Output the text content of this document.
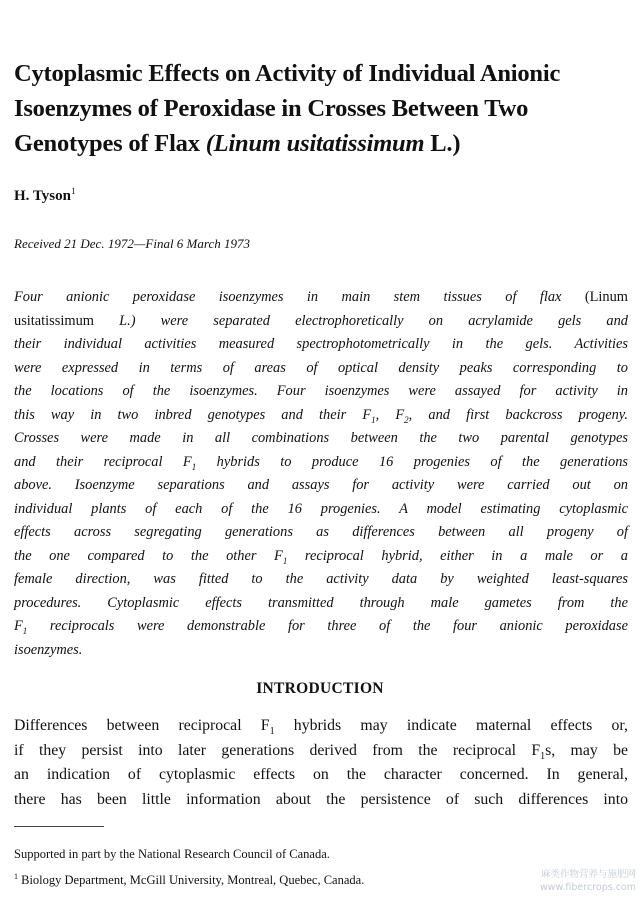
Cytoplasmic Effects on Activity of Individual Anionic
Isoenzymes of Peroxidase in Crosses Between Two
Genotypes of Flax (Linum usitatissimum L.)
H. Tyson$^1$
Received 21 Dec. 1972—Final 6 March 1973

Four anionic peroxidase isoenzymes in main stem tissues of flax (Linum
usitatissimum L.) were separated electrophoretically on acrylamide gels and
their individual activities measured spectrophotometrically in the gels. Activities
were expressed in terms of areas of optical density peaks corresponding to
the locations of the isoenzymes. Four isoenzymes were assayed for activity in
this way in two inbred genotypes and their $F_1$, $F_2$, and first backcross progeny.
Crosses were made in all combinations between the two parental genotypes
and their reciprocal $F_1$ hybrids to produce 16 progenies of the generations
above. Isoenzyme separations and assays for activity were carried out on
individual plants of each of the 16 progenies. A model estimating cytoplasmic
effects across segregating generations as differences between all progeny of
the one compared to the other $F_1$ reciprocal hybrid, either in a male or a
female direction, was fitted to the activity data by weighted least-squares
procedures. Cytoplasmic effects transmitted through male gametes from the
$F_1$ reciprocals were demonstrable for three of the four anionic peroxidase
isoenzymes.

INTRODUCTION

Differences between reciprocal $F_1$ hybrids may indicate maternal effects or,
if they persist into later generations derived from the reciprocal $F_1s$, may be
an indication of cytoplasmic effects on the character concerned. In general,
there has been little information about the persistence of such differences into

Supported in part by the National Research Council of Canada.
$^1$ Biology Department, McGill University, Montreal, Quebec, Canada.	麻类作物营养与施肥网
www.fibercrops.com
